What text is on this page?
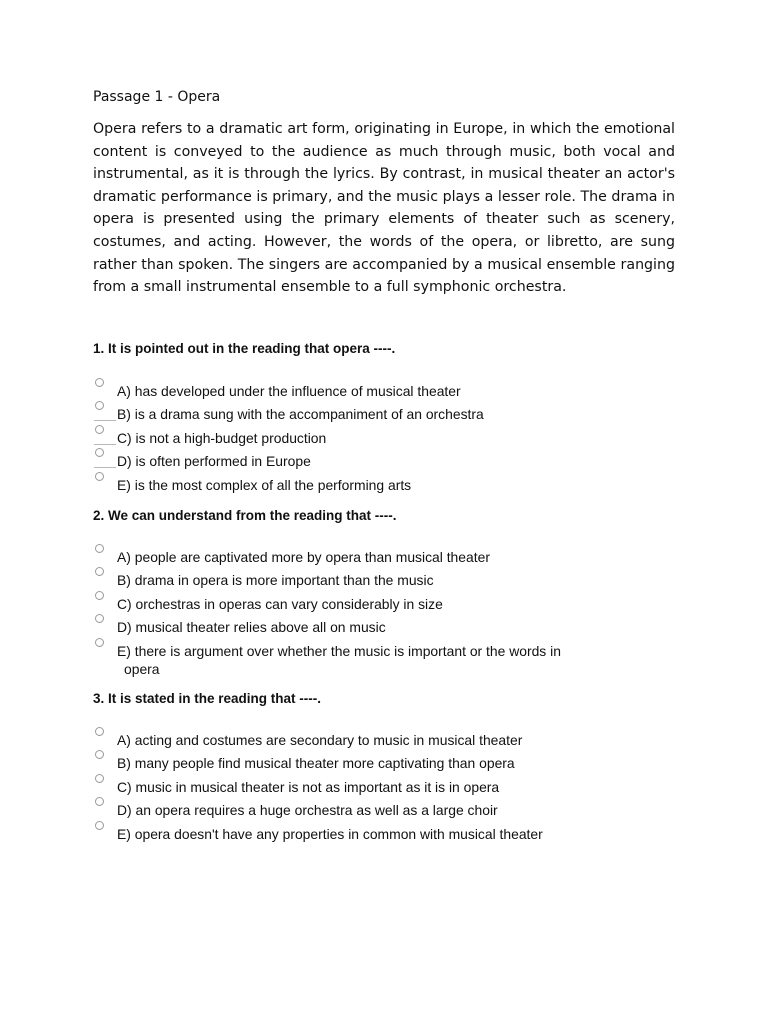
Passage 1 - Opera

Opera refers to a dramatic art form, originating in Europe, in which the emotional content is conveyed to the audience as much through music, both vocal and instrumental, as it is through the lyrics. By contrast, in musical theater an actor's dramatic performance is primary, and the music plays a lesser role. The drama in opera is presented using the primary elements of theater such as scenery, costumes, and acting. However, the words of the opera, or libretto, are sung rather than spoken. The singers are accompanied by a musical ensemble ranging from a small instrumental ensemble to a full symphonic orchestra.

1. It is pointed out in the reading that opera ----.

A) has developed under the influence of musical theater
B) is a drama sung with the accompaniment of an orchestra
C) is not a high-budget production
D) is often performed in Europe
E) is the most complex of all the performing arts

2. We can understand from the reading that ----.

A) people are captivated more by opera than musical theater
B) drama in opera is more important than the music
C) orchestras in operas can vary considerably in size
D) musical theater relies above all on music
E) there is argument over whether the music is important or the words in
opera

3. It is stated in the reading that ----.

A) acting and costumes are secondary to music in musical theater
B) many people find musical theater more captivating than opera
C) music in musical theater is not as important as it is in opera
D) an opera requires a huge orchestra as well as a large choir
E) opera doesn't have any properties in common with musical theater
